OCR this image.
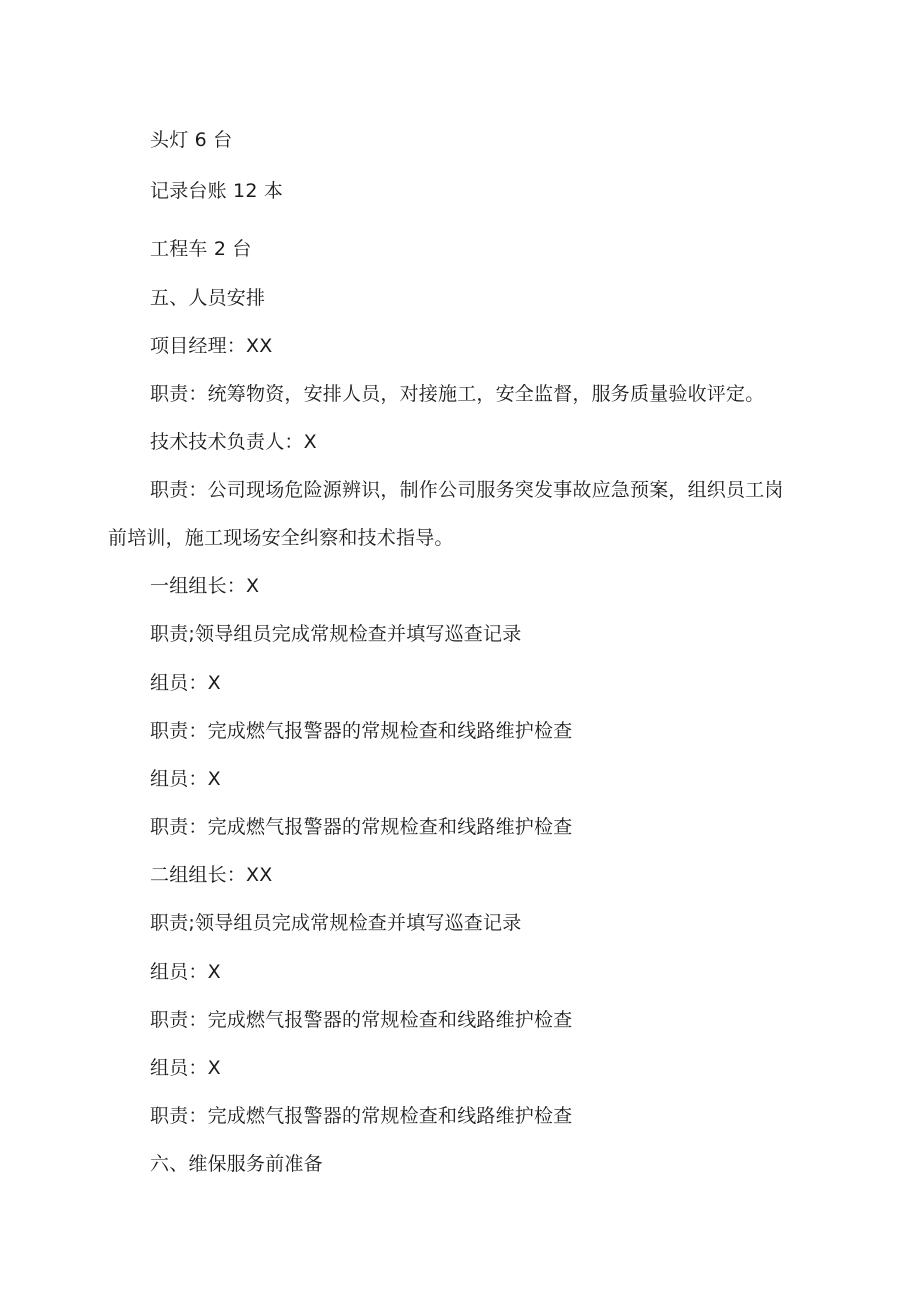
头灯 6 台
记录台账 12 本
工程车 2 台
五、人员安排
项目经理：XX
职责：统筹物资，安排人员，对接施工，安全监督，服务质量验收评定。
技术技术负责人：X
职责：公司现场危险源辨识，制作公司服务突发事故应急预案，组织员工岗
前培训，施工现场安全纠察和技术指导。
一组组长：X
职责;领导组员完成常规检查并填写巡查记录
组员：X
职责：完成燃气报警器的常规检查和线路维护检查
组员：X
职责：完成燃气报警器的常规检查和线路维护检查
二组组长：XX
职责;领导组员完成常规检查并填写巡查记录
组员：X
职责：完成燃气报警器的常规检查和线路维护检查
组员：X
职责：完成燃气报警器的常规检查和线路维护检查
六、维保服务前准备
